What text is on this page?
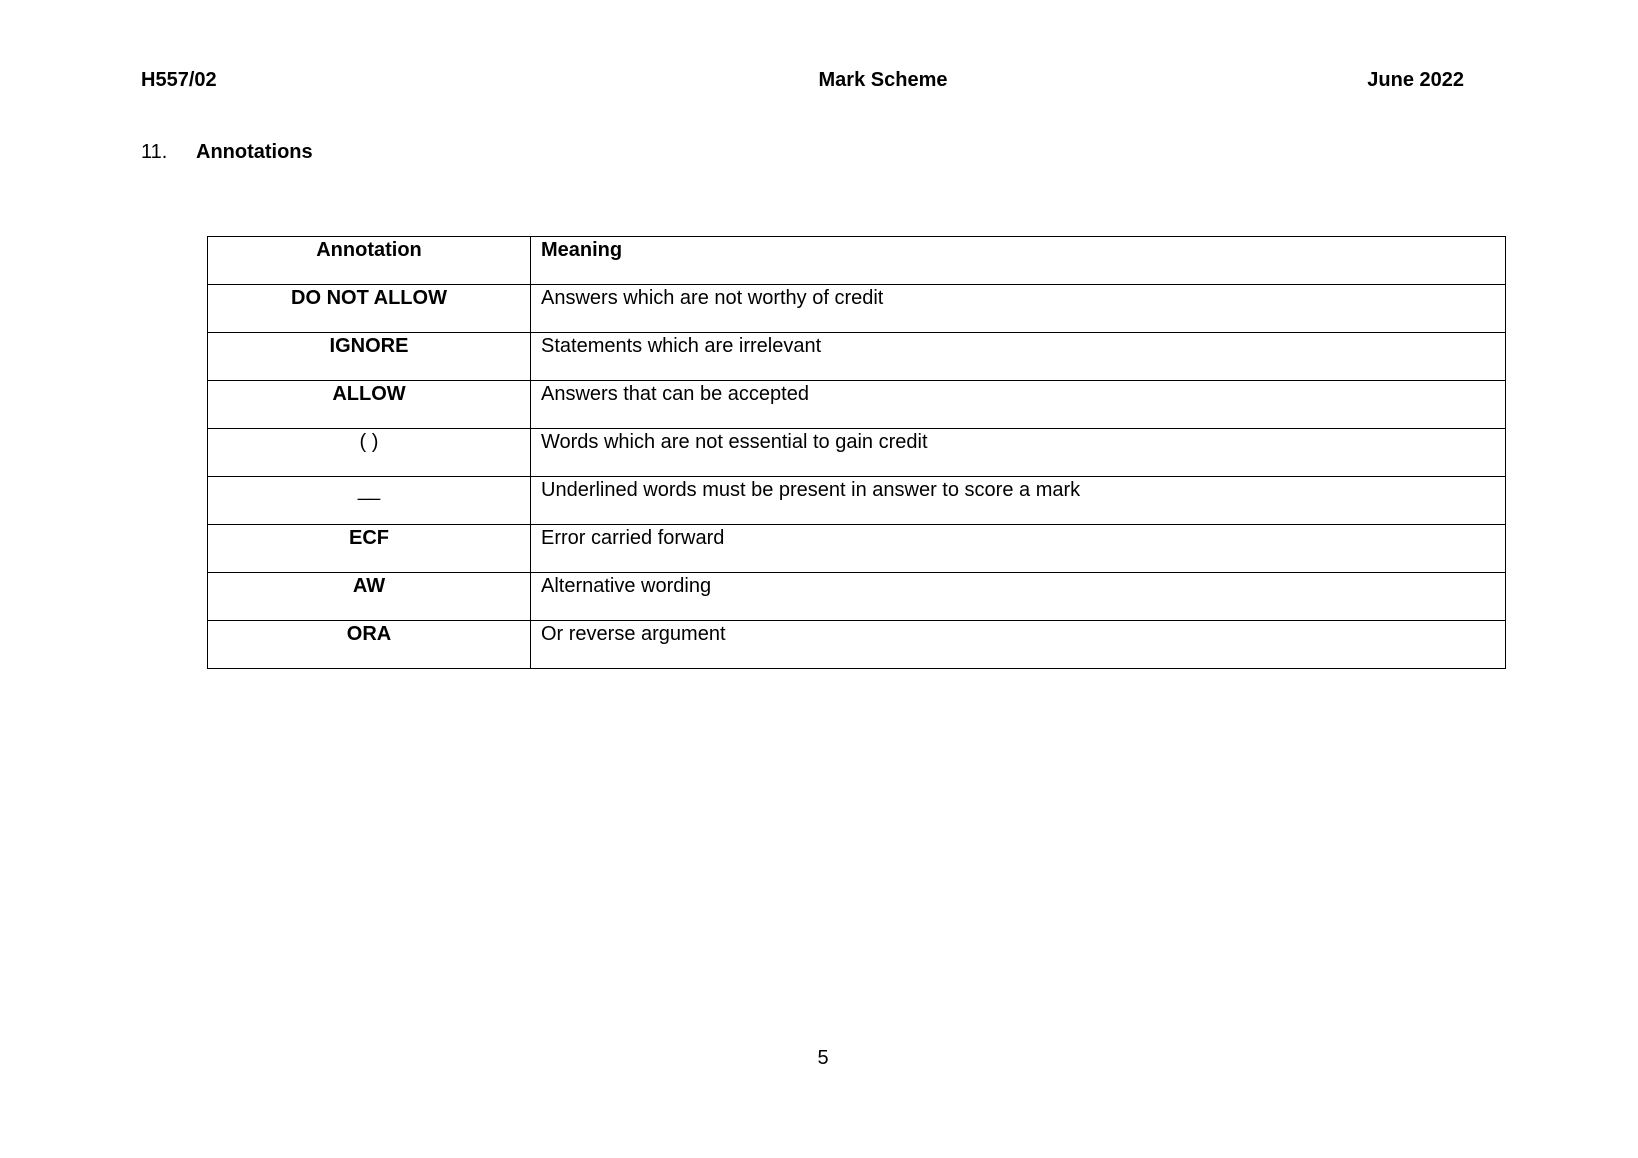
H557/02	Mark Scheme	June 2022
11. Annotations
Annotation	Meaning
DO NOT ALLOW	Answers which are not worthy of credit
IGNORE	Statements which are irrelevant
ALLOW	Answers that can be accepted
( )	Words which are not essential to gain credit
__	Underlined words must be present in answer to score a mark
ECF	Error carried forward
AW	Alternative wording
ORA	Or reverse argument
5
